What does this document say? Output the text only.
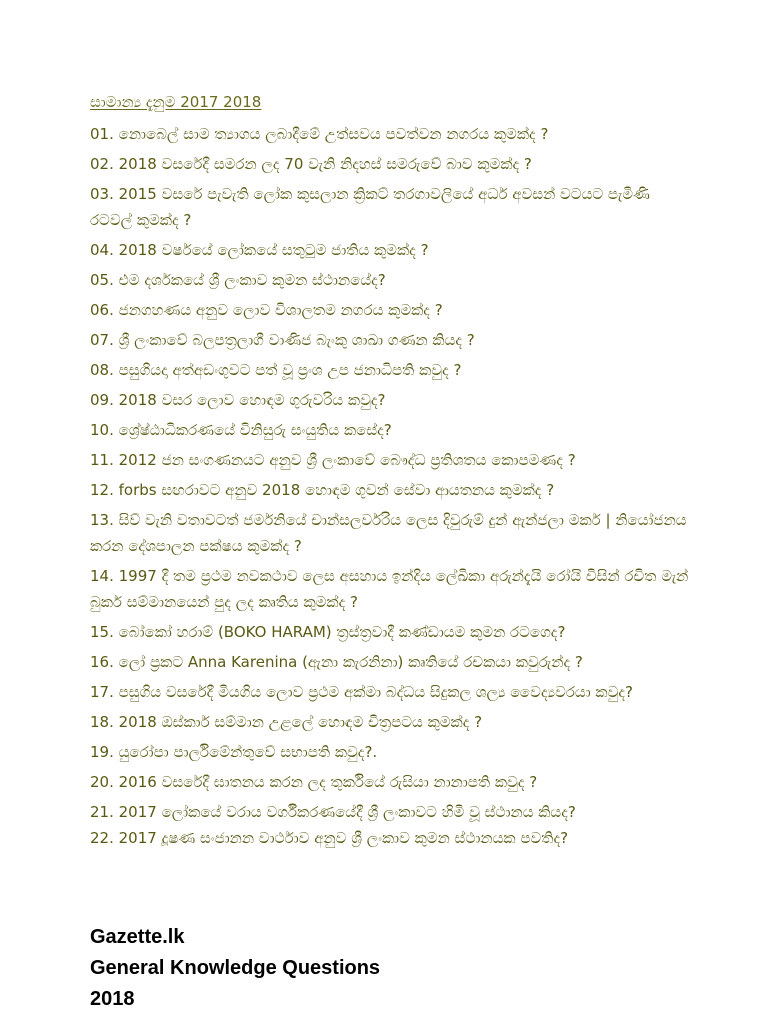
සාමාන්‍ය දැනුම 2017 2018

01. නොබෙල් සාම ත්‍යාගය ලබාදීමේ උත්සවය පවත්වන නගරය කුමක්ද ?

02. 2018 වසරේදී සමරන ලද 70 වැනි නිදහස් සමරුවේ බාව කුමක්ද ?

03. 2015 වසරේ පැවැති ලෝක කුසලාන ක්‍රිකට් තරගාවලියේ අර්ධ අවසන් වටයට පැමිණි රටවල් කුමක්ද ?

04. 2018 වර්ෂයේ ලෝකයේ සතුටුම ජාතිය කුමක්ද ?

05. එම දර්ශකයේ ශ්‍රී ලංකාව කුමන ස්ථානයේද?

06. ජනගහණය අනුව ලොව විශාලතම නගරය කුමක්ද ?

07. ශ්‍රී ලංකාවේ බලපත්‍රලාගී වාණිජ බැංකු ශාඛා ගණන කියද ?

08. පසුගියදා අත්අඩංගුවට පත් වූ ප්‍රංශ උප ජනාධිපති කවුද ?

09. 2018 වසර ලොව හොඳම ගුරුවරිය කවුද?

10. ශ්‍රේෂ්ඨාධිකරණයේ විනිසුරු සංයුතිය කසේද?

11. 2012 ජන සංගණනයට අනුව ශ්‍රී ලංකාවේ බෞද්ධ ප්‍රතිශතය කොපමණද ?

12. forbs සඟරාවට අනුව 2018 හොඳම ගුවන් සේවා ආයතනය කුමක්ද ?

13. සිව් වැනි වතාවටත් ජර්මනියේ චාන්සලර්වරිය ලෙස දිවුරුම් දුන් ඇන්ජලා මකර් | නියෝජනය කරන දේශපාලන පක්ෂය කුමක්ද ?

14. 1997 දී තම ප්‍රථම නවකථාව ලෙස අසහාය ඉන්දිය ලේඛිකා අරුන්දැයි රෝයි විසින් රචිත මැන් බුකර් සම්මානයෙන් පුද ලද කෘතිය කුමක්ද ?

15. බෝකෝ හරාම් (BOKO HARAM) ත්‍රස්ත්‍රවාදී කණ්ඩායම කුමන රටගෙද?

16. ලෝ ප්‍රකට Anna Karenina (ඇනා කැරනිනා) කෘතියේ රචකයා කවුරුන්ද ?

17. පසුගිය වසරේදී මියගිය ලොව ප්‍රථම අක්මා බද්ධය සිදුකල ශල්‍ය වෛද්‍යවරයා කවුද?

18. 2018 ඔස්කාර් සම්මාන උළලේ හොඳම චිත්‍රපටය කුමක්ද ?

19. යුරෝපා පාර්ලිමේන්තුවේ සභාපති කවුද?.

20. 2016 වසරේදී ඝාතනය කරන ලද තුර්කියේ රුසියා නානාපති කවුද ?

21. 2017 ලෝකයේ වරාය වර්ගීකරණයේදී ශ්‍රී ලංකාවට හිමි වූ ස්ථානය කියද?

22. 2017 දූෂණ සංජානන වාර්ථාව අනුව ශ්‍රී ලංකාව කුමන ස්ථානයක පවතිද?

Gazette.lk
General Knowledge Questions
2018
